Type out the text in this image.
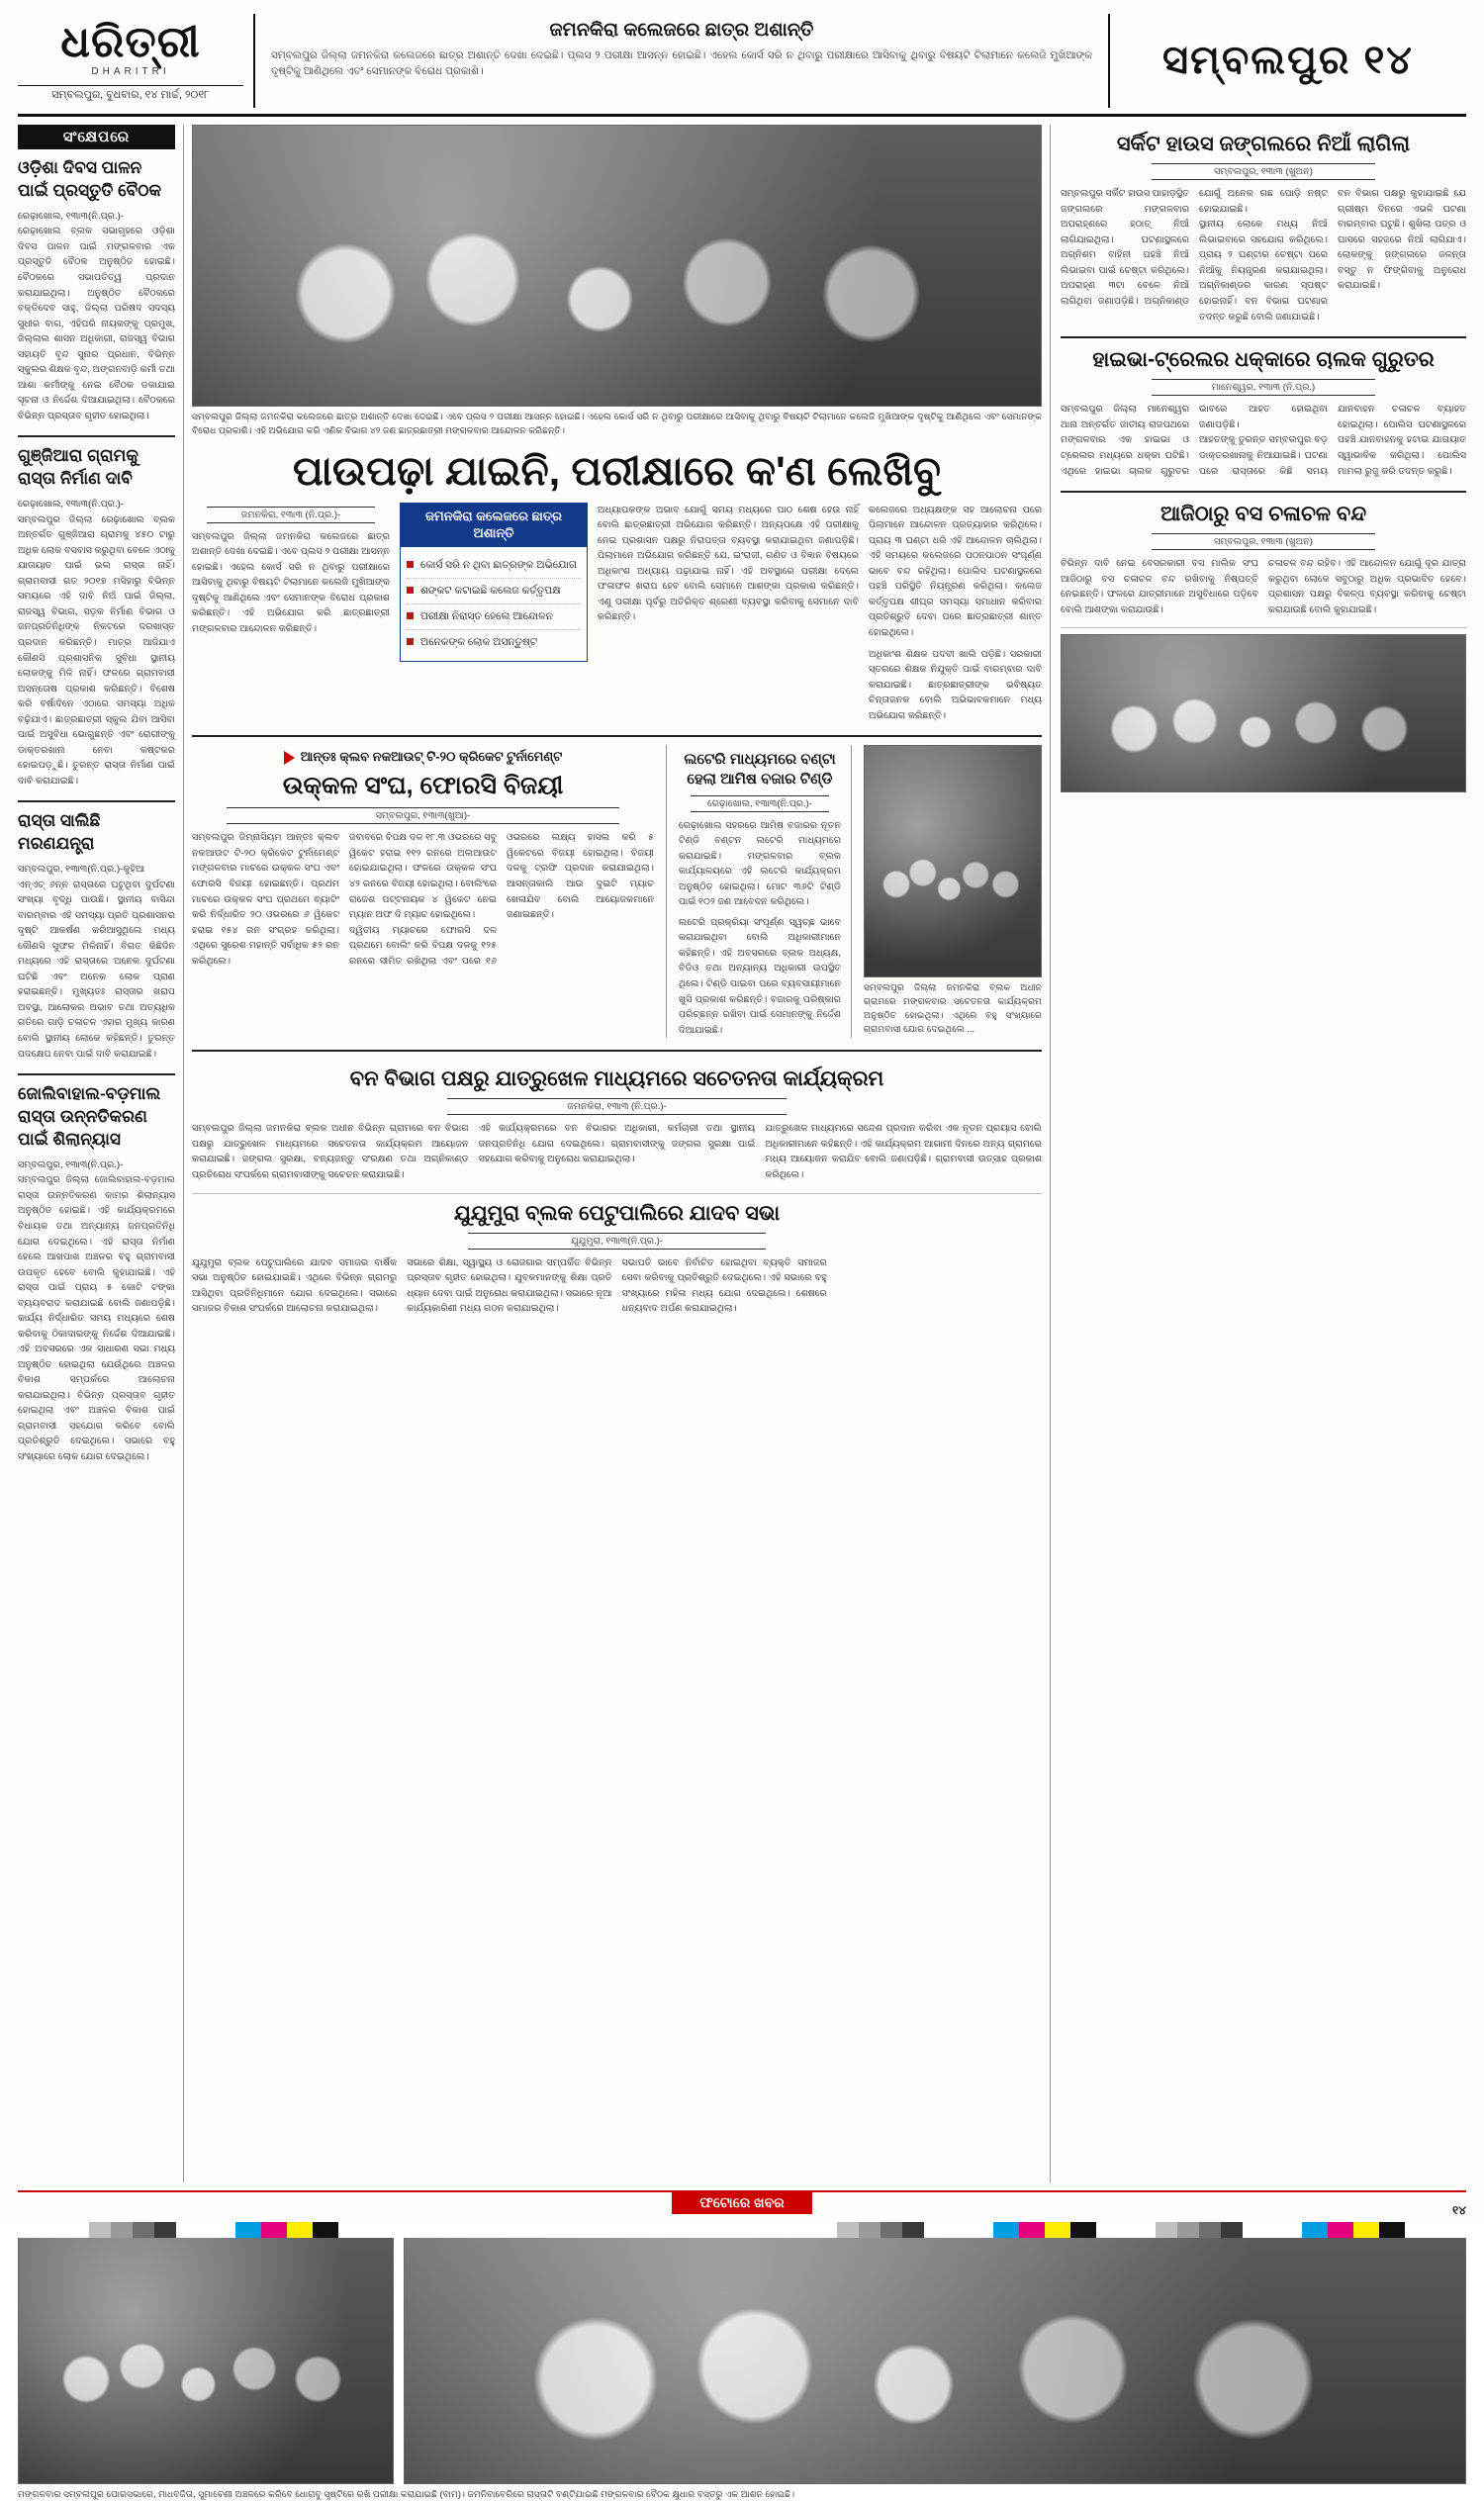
ଧରିତ୍ରୀ
DHARITRI
ସମ୍ବଲପୁର, ବୁଧବାର, ୧୪ ମାର୍ଚ୍ଚ, ୨୦୧୮
ଜମନକିରା କଲେଜରେ ଛାତ୍ର ଅଶାନ୍ତି
ସମ୍ବଲପୁର ଜିଲ୍ଲା ଜମନକିରା କଲେଜରେ ଛାତ୍ର ଅଶାନ୍ତି ଦେଖା ଦେଇଛି। ପ୍ଲସ ୨ ପରୀକ୍ଷା ଆସନ୍ନ ହୋଇଛି। ଏହେଲ କୋର୍ସ ସରି ନ ଥିବାରୁ ପରୀକ୍ଷାରେ ଆସିବାକୁ ଥିବାରୁ ବିଷୟଟି ଟିଲାମାନେ କଲେଜି ମୁଖିଆଙ୍କ ଦୃଷ୍ଟିକୁ ଆଣିଥିଲେ ଏବଂ ସେମାନଙ୍କ ବିରୋଧ ପ୍ରକାଶି।	ସମ୍ବଲପୁର ୧୪
ସଂକ୍ଷେପରେ
ଓଡ଼ିଶା ଦିବସ ପାଳନ ପାଇଁ ପ୍ରସ୍ତୁତି ବୈଠକ
ରେଢ଼ାଖୋଲ, ୧୩ା୩(ନି.ପ୍ର.)-
ରେଢ଼ାଖୋଲ ବ୍ଲକ ସଭାଗୃହରେ ଓଡ଼ିଶା ଦିବସ ପାଳନ ପାଇଁ ମଙ୍ଗଳବାର ଏକ ପ୍ରସ୍ତୁତି ବୈଠକ ଅନୁଷ୍ଠିତ ହୋଇଛି। ବୈଠକରେ ସଭାପତିତ୍ୱ ପ୍ରଦାନ କରାଯାଇଥିଲା। ଅନୁଷ୍ଠିତ ବୈଠକରେ ବକ୍ତିଦେବ ସାହୁ, ଜିଲ୍ଲା ପରିଷଦ ସଦସ୍ୟ ସୁଧୀର ବାଗ, ଏହିପରି ନାୟକଙ୍କୁ ପ୍ରମୁଖ, ଜିଲ୍ଲାଲ ଶାସନ ଅଧିକାରୀ, ରାଜସ୍ୱ ବିଭାଗ ସହାୟତି ବୃନ୍ଦ ସୁନାର ପ୍ରଧାନ, ବିଭିନ୍ନ ସ୍କୁଲର ଶିକ୍ଷକ ବୃନ୍ଦ, ଅଙ୍ଗନବାଡ଼ି କର୍ମୀ ତଥା ଆଶା କର୍ମୀଙ୍କୁ ନେଇ ବୈଠକ ଡକାଯାଇ ସୂଚନା ଓ ନିର୍ଦ୍ଦେଶ ଦିଆଯାଇଥିଲା। ବୈଠକରେ ବିଭିନ୍ନ ପ୍ରସ୍ତାବ ଗୃହୀତ ହୋଇଥିଲା।
ଗୁଞ୍ଜିଆରା ଗ୍ରାମକୁ ରାସ୍ତା ନିର୍ମାଣ ଦାବି
ରେଢ଼ାଖୋଲ, ୧୩ା୩(ନି.ପ୍ର.)-
ସମ୍ବଲପୁର ଜିଲ୍ଲା ରେଢ଼ାଖୋଲ ବ୍ଲକ ଅନ୍ତର୍ଗତ ଗୁଞ୍ଜିଆରା ଗ୍ରାମକୁ ୪୫୦ ଟାରୁ ଅଧିକ ଲୋକ ବସବାସ କରୁଥିବା ବେଳେ ଏଠାକୁ ଯାତାୟାତ ପାଇଁ ଭଲ ରାସ୍ତା ନାହିଁ। ଗ୍ରାମବାସୀ ଗତ ୨୦୧୭ ମସିହାରୁ ବିଭିନ୍ନ ସମୟରେ ଏହି ଦାବି ନିଅଁ ପାଇଁ ଜିଲ୍ଲା, ରାଜସ୍ୱ ବିଭାଗ, ସଡ଼କ ନିର୍ମାଣ ବିଭାଗ ଓ ଜନପ୍ରତିନିଧିଙ୍କ ନିକଟରେ ଦରଖାସ୍ତ ପ୍ରଦାନ କରିଛନ୍ତି। ମାତ୍ର ଆଜିଯାଏ କୌଣସି ପ୍ରଶାସନିକ ସୁବିଧା ସ୍ଥାନୀୟ ଲୋକଙ୍କୁ ମିଳି ନାହିଁ। ଫଳରେ ଗ୍ରାମବାସୀ ଅସନ୍ତୋଷ ପ୍ରକାଶ କରିଛନ୍ତି। ବିଶେଷ କରି ବର୍ଷାଦିନେ ଏଠାରେ ସମସ୍ୟା ଅଧିକ ବଢ଼ିଯାଏ। ଛାତ୍ରଛାତ୍ରୀ ସ୍କୁଲ ଯିବା ଆସିବା ପାଇଁ ଅସୁବିଧା ଭୋଗୁଛନ୍ତି ଏବଂ ରୋଗୀଙ୍କୁ ଡାକ୍ତରଖାନା ନେବା କଷ୍ଟକର ହୋଇପଡ଼ୁଛି। ତୁରନ୍ତ ରାସ୍ତା ନିର୍ମାଣ ପାଇଁ ଦାବି କରାଯାଇଛି।
ରାସ୍ତା ସାଲିଛି ମରଣଯନ୍ତ୍ରା
ସମ୍ବଲପୁର, ୧୩ା୩(ନି.ପ୍ର.)-କୁହିଆ
ଏନ୍‌ଏଚ୍ ୬ନ୍ନ ରାସ୍ତାରେ ଘଟୁଥିବା ଦୁର୍ଘଟଣା ସଂଖ୍ୟା ବୃଦ୍ଧି ପାଉଛି। ସ୍ଥାନୀୟ ବାସିନ୍ଦା ବାରମ୍ବାର ଏହି ସମସ୍ୟା ପ୍ରତି ପ୍ରଶାସନର ଦୃଷ୍ଟି ଆକର୍ଷଣ କରିଆସୁଥିଲେ ମଧ୍ୟ କୌଣସି ସୁଫଳ ମିଳିନାହିଁ। ବିଗତ କିଛିଦିନ ମଧ୍ୟରେ ଏହି ରାସ୍ତାରେ ଅନେକ ଦୁର୍ଘଟଣା ଘଟିଛି ଏବଂ ଅନେକ ଲୋକ ପ୍ରାଣ ହରାଇଛନ୍ତି। ମୁଖ୍ୟତଃ ରାସ୍ତାର ଖରାପ ଅବସ୍ଥା, ଆଲୋକର ଅଭାବ ତଥା ଅତ୍ୟଧିକ ଗତିରେ ଗାଡ଼ି ଚଳାଚଳ ଏହାର ମୁଖ୍ୟ କାରଣ ବୋଲି ସ୍ଥାନୀୟ ଲୋକେ କହିଛନ୍ତି। ତୁରନ୍ତ ପଦକ୍ଷେପ ନେବା ପାଇଁ ଦାବି କରାଯାଇଛି।
ଜୋଲିବାହାଲ-ବଡ଼ମାଲ ରାସ୍ତା ଉନ୍ନତିକରଣ ପାଇଁ ଶିଲାନ୍ୟାସ
ସମ୍ବଲପୁର, ୧୩ା୩(ନି.ପ୍ର.)-
ସମ୍ବଲପୁର ଜିଲ୍ଲା ଜୋଲିବାହାଲ-ବଡ଼ମାଲ ରାସ୍ତା ଉନ୍ନତିକରଣ କାମର ଶିଲାନ୍ୟାସ ଅନୁଷ୍ଠିତ ହୋଇଛି। ଏହି କାର୍ଯ୍ୟକ୍ରମରେ ବିଧାୟକ ତଥା ଅନ୍ୟାନ୍ୟ ଜନପ୍ରତିନିଧି ଯୋଗ ଦେଇଥିଲେ। ଏହି ରାସ୍ତା ନିର୍ମାଣ ହେଲେ ଆଖପାଖ ଅଞ୍ଚଳର ବହୁ ଗ୍ରାମବାସୀ ଉପକୃତ ହେବେ ବୋଲି କୁହାଯାଇଛି। ଏହି ରାସ୍ତା ପାଇଁ ପ୍ରାୟ ୫ କୋଟି ଟଙ୍କା ବ୍ୟୟବରାଦ କରାଯାଇଛି ବୋଲି ଜଣାପଡ଼ିଛି। କାର୍ଯ୍ୟ ନିର୍ଦ୍ଧାରିତ ସମୟ ମଧ୍ୟରେ ଶେଷ କରିବାକୁ ଠିକାଦାରଙ୍କୁ ନିର୍ଦ୍ଦେଶ ଦିଆଯାଇଛି। ଏହି ଅବସରରେ ଏକ ସାଧାରଣ ସଭା ମଧ୍ୟ ଅନୁଷ୍ଠିତ ହୋଇଥିଲା ଯେଉଁଥିରେ ଅଞ୍ଚଳର ବିକାଶ ସମ୍ପର୍କରେ ଆଲୋଚନା କରାଯାଇଥିଲା। ବିଭିନ୍ନ ପ୍ରସ୍ତାବ ଗୃହୀତ ହୋଇଥିଲା ଏବଂ ଅଞ୍ଚଳର ବିକାଶ ପାଇଁ ଗ୍ରାମବାସୀ ସହଯୋଗ କରିବେ ବୋଲି ପ୍ରତିଶ୍ରୁତି ଦେଇଥିଲେ। ସଭାରେ ବହୁ ସଂଖ୍ୟାରେ ଲୋକ ଯୋଗ ଦେଇଥିଲେ।
ସମ୍ବଲପୁର ଜିଲ୍ଲା ଜମନକିରା କଲେଜରେ ଛାତ୍ର ଅଶାନ୍ତି ଦେଖା ଦେଇଛି। ଏବେ ପ୍ଲସ ୨ ପରୀକ୍ଷା ଆସନ୍ନ ହୋଇଛି। ଏହେଲ କୋର୍ସ ସରି ନ ଥିବାରୁ ପରୀକ୍ଷାରେ ଆସିବାକୁ ଥିବାରୁ ବିଷୟଟି ଟିଲାମାନେ କଲେଜି ମୁଖିଆଙ୍କ ଦୃଷ୍ଟିକୁ ଆଣିଥିଲେ ଏବଂ ସେମାନଙ୍କ ବିରୋଧ ପ୍ରକାଶି। ଏହି ଅଭିଯୋଗ କରି ଏଣିକ ବିଭାଗ ୪୨ ଜଣ ଛାତ୍ରଛାତ୍ରୀ ମଙ୍ଗଳବାର ଆନ୍ଦୋଳନ କରିଛନ୍ତି।
ପାଉପଢ଼ା ଯାଇନି, ପରୀକ୍ଷାରେ କ'ଣ ଲେଖିବୁ
ଜମନକିରା, ୧୩ା୩ (ନି.ପ୍ର.)-
ସମ୍ବଲପୁର ଜିଲ୍ଲା ଜମନକିରା କଲେଜରେ ଛାତ୍ର ଅଶାନ୍ତି ଦେଖା ଦେଇଛି। ଏବେ ପ୍ଲସ ୨ ପରୀକ୍ଷା ଆସନ୍ନ ହୋଇଛି। ଏହେଲ କୋର୍ସ ସରି ନ ଥିବାରୁ ପରୀକ୍ଷାରେ ଆସିବାକୁ ଥିବାରୁ ବିଷୟଟି ଟିଲାମାନେ କଲେଜି ମୁଖିଆଙ୍କ ଦୃଷ୍ଟିକୁ ଆଣିଥିଲେ ଏବଂ ସେମାନଙ୍କ ବିରୋଧ ପ୍ରକାଶ କରିଛନ୍ତି। ଏହି ଅଭିଯୋଗ କରି ଛାତ୍ରଛାତ୍ରୀ ମଙ୍ଗଳବାର ଆନ୍ଦୋଳନ କରିଛନ୍ତି।
ଜମନକିରା କଲେଜରେ ଛାତ୍ର ଅଶାନ୍ତି
କୋର୍ସ ସରି ନ ଥିବା ଛାତ୍ରଙ୍କ ଅଭିଯୋଗ
ଶଙ୍କଟ କଟାଇଛି କଲେଜ କର୍ତ୍ତୃପକ୍ଷ
ପରୀକ୍ଷା ନିରାସ୍ତ ହେଲେ ଆନ୍ଦୋଳନ
ଅନେକଙ୍କ ଲୋକ ଅସନ୍ତୁଷ୍ଟ
ଅଧ୍ୟାପକଙ୍କ ଅଭାବ ଯୋଗୁଁ ସମୟ ମଧ୍ୟରେ ପାଠ ଶେଷ ହେଉ ନାହିଁ ବୋଲି ଛାତ୍ରଛାତ୍ରୀ ଅଭିଯୋଗ କରିଛନ୍ତି। ଅନ୍ୟପକ୍ଷେ ଏହି ପରୀକ୍ଷାକୁ ନେଇ ପ୍ରଶାସନ ପକ୍ଷରୁ ନିରାପତ୍ତା ବ୍ୟବସ୍ଥା କରାଯାଇଥିବା ଜଣାପଡ଼ିଛି। ପିଲାମାନେ ଅଭିଯୋଗ କରିଛନ୍ତି ଯେ, ଇଂରାଜୀ, ଗଣିତ ଓ ବିଜ୍ଞାନ ବିଷୟରେ ଅଧିକାଂଶ ଅଧ୍ୟାୟ ପଢ଼ାଯାଇ ନାହିଁ। ଏହି ଅବସ୍ଥାରେ ପରୀକ୍ଷା ଦେଲେ ଫଳାଫଳ ଖରାପ ହେବ ବୋଲି ସେମାନେ ଆଶଙ୍କା ପ୍ରକାଶ କରିଛନ୍ତି। ଏଣୁ ପରୀକ୍ଷା ପୂର୍ବରୁ ଅତିରିକ୍ତ ଶ୍ରେଣୀ ବ୍ୟବସ୍ଥା କରିବାକୁ ସେମାନେ ଦାବି କରିଛନ୍ତି।
କଲେଜରେ ଅଧ୍ୟକ୍ଷଙ୍କ ସହ ଆଲୋଚନା ପରେ ପିଲାମାନେ ଆନ୍ଦୋଳନ ପ୍ରତ୍ୟାହାର କରିଥିଲେ। ପ୍ରାୟ ୩ ଘଣ୍ଟା ଧରି ଏହି ଆନ୍ଦୋଳନ ଚାଲିଥିଲା। ଏହି ସମୟରେ କଲେଜରେ ପଠନପାଠନ ସଂପୂର୍ଣ୍ଣ ଭାବେ ବନ୍ଦ ରହିଥିଲା। ପୋଲିସ ଘଟଣାସ୍ଥଳରେ ପହଞ୍ଚି ପରିସ୍ଥିତି ନିୟନ୍ତ୍ରଣ କରିଥିଲା। କଲେଜ କର୍ତ୍ତୃପକ୍ଷ ଶୀଘ୍ର ସମସ୍ୟା ସମାଧାନ କରିବାର ପ୍ରତିଶ୍ରୁତି ଦେବା ପରେ ଛାତ୍ରଛାତ୍ରୀ ଶାନ୍ତ ହୋଇଥିଲେ।
ଅଧିକାଂଶ ଶିକ୍ଷକ ପଦବୀ ଖାଲି ପଡ଼ିଛି। ସରକାରୀ ସ୍ତରରେ ଶିକ୍ଷକ ନିଯୁକ୍ତି ପାଇଁ ବାରମ୍ବାର ଦାବି କରାଯାଇଛି। ଛାତ୍ରଛାତ୍ରୀଙ୍କ ଭବିଷ୍ୟତ ଚିନ୍ତାଜନକ ବୋଲି ଅଭିଭାବକମାନେ ମଧ୍ୟ ଅଭିଯୋଗ କରିଛନ୍ତି।
ଆନ୍ତଃ କ୍ଲବ ନକଆଉଟ୍ ଟି-୨୦ କ୍ରିକେଟ ଟୁର୍ନାମେଣ୍ଟ
ଉକ୍କଳ ସଂଘ, ଫୋରସି ବିଜୟୀ
ସମ୍ବଲପୁର, ୧୩ା୩(ଖୁଆ)-
ସମ୍ବଲପୁର ଜିମ୍ନାସିୟମ ଆନ୍ତଃ କ୍ଲବ ନକଆଉଟ ଟି-୨୦ କ୍ରିକେଟ ଟୁର୍ନାମେଣ୍ଟ ମଙ୍ଗଳବାର ମାଚରେ ଉକ୍କଳ ସଂଘ ଏବଂ ଫୋରସି ବିଜୟୀ ହୋଇଛନ୍ତି। ପ୍ରଥମ ମାଚରେ ଉକ୍କଳ ସଂଘ ପ୍ରଥମେ ବ୍ୟାଟିଂ କରି ନିର୍ଦ୍ଧାରିତ ୨୦ ଓଭରରେ ୬ ୱିକେଟ ହରାଇ ୧୫୪ ରନ ସଂଗ୍ରହ କରିଥିଲା। ଏଥିରେ ସୁରେଶ ମହାନ୍ତି ସର୍ବାଧିକ ୫୨ ରନ କରିଥିଲେ।
ଜବାବରେ ବିପକ୍ଷ ଦଳ ୧୮.୩ ଓଭରରେ ସବୁ ୱିକେଟ ହରାଇ ୧୧୨ ରନରେ ଅଲଆଉଟ ହୋଇଯାଇଥିଲା। ଫଳରେ ଉକ୍କଳ ସଂଘ ୪୨ ରନରେ ବିଜୟୀ ହୋଇଥିଲା। ବୋଲିଂରେ ରାଜେଶ ପଟ୍ଟନାୟକ ୪ ୱିକେଟ ନେଇ ମ୍ୟାନ ଅଫ ଦି ମ୍ୟାଚ ହୋଇଥିଲେ।
ଦ୍ୱିତୀୟ ମ୍ୟାଚରେ ଫୋରସି ଦଳ ପ୍ରଥମେ ବୋଲିଂ କରି ବିପକ୍ଷ ଦଳକୁ ୧୨୫ ରନରେ ସୀମିତ ରଖିଥିଲା ଏବଂ ପରେ ୧୬ ଓଭରରେ ଲକ୍ଷ୍ୟ ହାସଲ କରି ୫ ୱିକେଟରେ ବିଜୟୀ ହୋଇଥିଲା। ବିଜୟୀ ଦଳକୁ ଟ୍ରଫି ପ୍ରଦାନ କରାଯାଇଥିଲା। ଆସନ୍ତାକାଲି ଆଉ ଦୁଇଟି ମ୍ୟାଚ ଖେଳାଯିବ ବୋଲି ଆୟୋଜକମାନେ ଜଣାଇଛନ୍ତି।
ଲଟେରି ମାଧ୍ୟମରେ ବଣ୍ଟା ହେଲା ଆମିଷ ବଜାର ଟିଣ୍ଡି
ରେଢ଼ାଖୋଲ, ୧୩ା୩(ନି.ପ୍ର.)-
ରେଢ଼ାଖୋଲ ସହରରେ ଆମିଷ ବଜାରର ନୂତନ ଟିଣ୍ଡି ବଣ୍ଟନ ଲଟେରି ମାଧ୍ୟମରେ କରାଯାଇଛି। ମଙ୍ଗଳବାର ବ୍ଲକ କାର୍ଯ୍ୟାଳୟରେ ଏହି ଲଟେରି କାର୍ଯ୍ୟକ୍ରମ ଅନୁଷ୍ଠିତ ହୋଇଥିଲା। ମୋଟ ୩୬ଟି ଟିଣ୍ଡି ପାଇଁ ୧୦୨ ଜଣ ଆବେଦନ କରିଥିଲେ।
ଲଟେରି ପ୍ରକ୍ରିୟା ସଂପୂର୍ଣ୍ଣ ସ୍ୱଚ୍ଛ ଭାବେ କରାଯାଇଥିବା ବୋଲି ଅଧିକାରୀମାନେ କହିଛନ୍ତି। ଏହି ଅବସରରେ ବ୍ଲକ ଅଧ୍ୟକ୍ଷ, ବିଡିଓ ତଥା ଅନ୍ୟାନ୍ୟ ଅଧିକାରୀ ଉପସ୍ଥିତ ଥିଲେ। ଟିଣ୍ଡି ପାଇବା ପରେ ବ୍ୟବସାୟୀମାନେ ଖୁସି ପ୍ରକାଶ କରିଛନ୍ତି। ବଜାରକୁ ପରିଷ୍କାର ପରିଚ୍ଛନ୍ନ ରଖିବା ପାଇଁ ସେମାନଙ୍କୁ ନିର୍ଦ୍ଦେଶ ଦିଆଯାଇଛି।
ସମ୍ବଲପୁର ଜିଲ୍ଲା ଜମନକିରା ବ୍ଲକ ଅଧୀନ ଗ୍ରାମରେ ମଙ୍ଗଳବାର ସଚେତନତା କାର୍ଯ୍ୟକ୍ରମ ଅନୁଷ୍ଠିତ ହୋଇଥିଲା। ଏଥିରେ ବହୁ ସଂଖ୍ୟାରେ ଗ୍ରାମବାସୀ ଯୋଗ ଦେଇଥିଲେ ...
ବନ ବିଭାଗ ପକ୍ଷରୁ ଯାତ୍ରୁଖେଳ ମାଧ୍ୟମରେ ସଚେତନତା କାର୍ଯ୍ୟକ୍ରମ
ଜମନକିରା, ୧୩ା୩ (ନି.ପ୍ର.)-
ସମ୍ବଲପୁର ଜିଲ୍ଲା ଜମନକିରା ବ୍ଲକ ଅଧୀନ ବିଭିନ୍ନ ଗ୍ରାମରେ ବନ ବିଭାଗ ପକ୍ଷରୁ ଯାତ୍ରୁଖେଳ ମାଧ୍ୟମରେ ସଚେତନତା କାର୍ଯ୍ୟକ୍ରମ ଆୟୋଜନ କରାଯାଇଛି। ଜଙ୍ଗଲ ସୁରକ୍ଷା, ବନ୍ୟଜନ୍ତୁ ସଂରକ୍ଷଣ ତଥା ଅଗ୍ନିକାଣ୍ଡ ପ୍ରତିରୋଧ ସଂପର୍କରେ ଗ୍ରାମବାସୀଙ୍କୁ ସଚେତନ କରାଯାଇଛି।
ଏହି କାର୍ଯ୍ୟକ୍ରମରେ ବନ ବିଭାଗର ଅଧିକାରୀ, କର୍ମଚାରୀ ତଥା ସ୍ଥାନୀୟ ଜନପ୍ରତିନିଧି ଯୋଗ ଦେଇଥିଲେ। ଗ୍ରାମବାସୀଙ୍କୁ ଜଙ୍ଗଲ ସୁରକ୍ଷା ପାଇଁ ସହଯୋଗ କରିବାକୁ ଅନୁରୋଧ କରାଯାଇଥିଲା।
ଯାତ୍ରୁଖେଳ ମାଧ୍ୟମରେ ସନ୍ଦେଶ ପ୍ରଦାନ କରିବା ଏକ ନୂତନ ପ୍ରୟାସ ବୋଲି ଅଧିକାରୀମାନେ କହିଛନ୍ତି। ଏହି କାର୍ଯ୍ୟକ୍ରମ ଆଗାମୀ ଦିନରେ ଅନ୍ୟ ଗ୍ରାମରେ ମଧ୍ୟ ଆୟୋଜନ କରାଯିବ ବୋଲି ଜଣାପଡ଼ିଛି। ଗ୍ରାମବାସୀ ଉତ୍ସାହ ପ୍ରକାଶ କରିଥିଲେ।
ଯୁଯୁମୁରା ବ୍ଲକ ପେଟୁପାଲିରେ ଯାଦବ ସଭା
ଯୁଯୁମୁରା, ୧୩ା୩(ନି.ପ୍ର.)-
ଯୁଯୁମୁରା ବ୍ଲକ ପେଟୁପାଲିରେ ଯାଦବ ସମାଜର ବାର୍ଷିକ ସଭା ଅନୁଷ୍ଠିତ ହୋଇଯାଇଛି। ଏଥିରେ ବିଭିନ୍ନ ଗ୍ରାମରୁ ଆସିଥିବା ପ୍ରତିନିଧିମାନେ ଯୋଗ ଦେଇଥିଲେ। ସଭାରେ ସମାଜର ବିକାଶ ସଂପର୍କରେ ଆଲୋଚନା କରାଯାଇଥିଲା।
ସଭାରେ ଶିକ୍ଷା, ସ୍ୱାସ୍ଥ୍ୟ ଓ ରୋଜଗାର ସମ୍ପର୍କିତ ବିଭିନ୍ନ ପ୍ରସ୍ତାବ ଗୃହୀତ ହୋଇଥିଲା। ଯୁବକମାନଙ୍କୁ ଶିକ୍ଷା ପ୍ରତି ଧ୍ୟାନ ଦେବା ପାଇଁ ଅନୁରୋଧ କରାଯାଇଥିଲା। ସଭାରେ ନୂଆ କାର୍ଯ୍ୟକାରିଣୀ ମଧ୍ୟ ଗଠନ କରାଯାଇଥିଲା।
ସଭାପତି ଭାବେ ନିର୍ବାଚିତ ହୋଇଥିବା ବ୍ୟକ୍ତି ସମାଜର ସେବା କରିବାକୁ ପ୍ରତିଶ୍ରୁତି ଦେଇଥିଲେ। ଏହି ସଭାରେ ବହୁ ସଂଖ୍ୟାରେ ମହିଳା ମଧ୍ୟ ଯୋଗ ଦେଇଥିଲେ। ଶେଷରେ ଧନ୍ୟବାଦ ଅର୍ପଣ କରାଯାଇଥିଲା।
ସର୍କିଟ ହାଉସ ଜଙ୍ଗଲରେ ନିଆଁ ଲାଗିଲା
ସମ୍ବଲପୁର, ୧୩ା୩ (ଖୁଅନ)
ସମ୍ବଲପୁର ସର୍କିଟ ହାଉସ ପାହାଡ଼ସ୍ଥିତ ଜଙ୍ଗଲରେ ମଙ୍ଗଳବାର ଅପରାହ୍ଣରେ ହଠାତ୍ ନିଆଁ ଲାଗିଯାଇଥିଲା। ଘଟଣାସ୍ଥଳରେ ଅଗ୍ନିଶମ ବାହିନୀ ପହଞ୍ଚି ନିଆଁ ଲିଭାଇବା ପାଇଁ ଚେଷ୍ଟା କରିଥିଲେ। ଅପରାହ୍ଣ ୩ଟା ବେଳେ ନିଆଁ ଲାଗିଥିବା ଜଣାପଡ଼ିଛି। ଅଗ୍ନିକାଣ୍ଡ ଯୋଗୁଁ ଅନେକ ଗଛ ପୋଡ଼ି ନଷ୍ଟ ହୋଇଯାଇଛି।
ସ୍ଥାନୀୟ ଲୋକେ ମଧ୍ୟ ନିଆଁ ଲିଭାଇବାରେ ସହଯୋଗ କରିଥିଲେ। ପ୍ରାୟ ୨ ଘଣ୍ଟାର ଚେଷ୍ଟା ପରେ ନିଆଁକୁ ନିୟନ୍ତ୍ରଣ କରାଯାଇଥିଲା। ଅଗ୍ନିକାଣ୍ଡର କାରଣ ସ୍ପଷ୍ଟ ହୋଇନାହିଁ। ବନ ବିଭାଗ ଘଟଣାର ତଦନ୍ତ କରୁଛି ବୋଲି ଜଣାଯାଇଛି।
ବନ ବିଭାଗ ପକ୍ଷରୁ କୁହାଯାଇଛି ଯେ ଗ୍ରୀଷ୍ମ ଦିନରେ ଏଭଳି ଘଟଣା ବାରମ୍ବାର ଘଟୁଛି। ଶୁଖିଲା ପତ୍ର ଓ ଘାସରେ ସହଜରେ ନିଆଁ ଲାଗିଯାଏ। ଲୋକଙ୍କୁ ଜଙ୍ଗଲରେ ଜଳନ୍ତା ବସ୍ତୁ ନ ଫିଙ୍ଗିବାକୁ ଅନୁରୋଧ କରାଯାଇଛି।
ହାଇଭା-ଟ୍ରେଲର ଧକ୍କାରେ ଚାଲକ ଗୁରୁତର
ମାନେଶ୍ୱର, ୧୩ା୩ (ନି.ପ୍ର.)
ସମ୍ବଲପୁର ଜିଲ୍ଲା ମାନେଶ୍ୱର ଥାନା ଅନ୍ତର୍ଗତ ଜାତୀୟ ରାଜପଥରେ ମଙ୍ଗଳବାର ଏକ ହାଇଭା ଓ ଟ୍ରେଲର ମଧ୍ୟରେ ଧକ୍କା ଘଟିଛି। ଏଥିରେ ହାଇଭା ଚାଲକ ଗୁରୁତର ଭାବରେ ଆହତ ହୋଇଥିବା ଜଣାପଡ଼ିଛି।
ଆହତଙ୍କୁ ତୁରନ୍ତ ସମ୍ବଲପୁର ବଡ଼ ଡାକ୍ତରଖାନାକୁ ନିଆଯାଇଛି। ଘଟଣା ପରେ ରାସ୍ତାରେ କିଛି ସମୟ ଯାନବାହନ ଚଳାଚଳ ବ୍ୟାହତ ହୋଇଥିଲା। ପୋଲିସ ଘଟଣାସ୍ଥଳରେ ପହଞ୍ଚି ଯାନବାହନକୁ ହଟାଇ ଯାତାୟାତ ସ୍ୱାଭାବିକ କରିଥିଲା। ପୋଲିସ ମାମଲା ରୁଜୁ କରି ତଦନ୍ତ କରୁଛି।
ଆଜିଠାରୁ ବସ ଚଳାଚଳ ବନ୍ଦ
ସମ୍ବଲପୁର, ୧୩ା୩ (ଖୁଅନ)
ବିଭିନ୍ନ ଦାବି ନେଇ ବେସରକାରୀ ବସ ମାଲିକ ସଂଘ ଆଜିଠାରୁ ବସ ଚଳାଚଳ ବନ୍ଦ ରଖିବାକୁ ନିଷ୍ପତ୍ତି ନେଇଛନ୍ତି। ଫଳରେ ଯାତ୍ରୀମାନେ ଅସୁବିଧାରେ ପଡ଼ିବେ ବୋଲି ଆଶଙ୍କା କରାଯାଉଛି।
ଚଳାଚଳ ବନ୍ଦ ରହିବ। ଏହି ଆନ୍ଦୋଳନ ଯୋଗୁଁ ଦୂର ଯାତ୍ରା କରୁଥିବା ଲୋକେ ସବୁଠାରୁ ଅଧିକ ପ୍ରଭାବିତ ହେବେ। ପ୍ରଶାସନ ପକ୍ଷରୁ ବିକଳ୍ପ ବ୍ୟବସ୍ଥା କରିବାକୁ ଚେଷ୍ଟା କରାଯାଉଛି ବୋଲି କୁହାଯାଇଛି।
ଫଟୋରେ ଖବର
ମଙ୍ଗଳବାର ସମ୍ବଲପୁର ପୋରସଭାରେ, ମାଧବଜିତା, ସୁମାବେଣୀ ଅଞ୍ଚଳରେ କରିବେ ଧୋରାବୁ ସୃଷ୍ଟିରେ ରଖି ପରୀକ୍ଷା କରାଯାଇଛି (ବାମ)। ଜମନିବାବେରିରେ ରାସ୍ତାଟି ବଣ୍ଟିଯାଇଛି ମଙ୍ଗଳବାର ବୈଠକ କ୍ଷୁଧାର ବସ୍ତରୁ ଏକ ଆଶନ ହୋଇଛି।
୧୪
